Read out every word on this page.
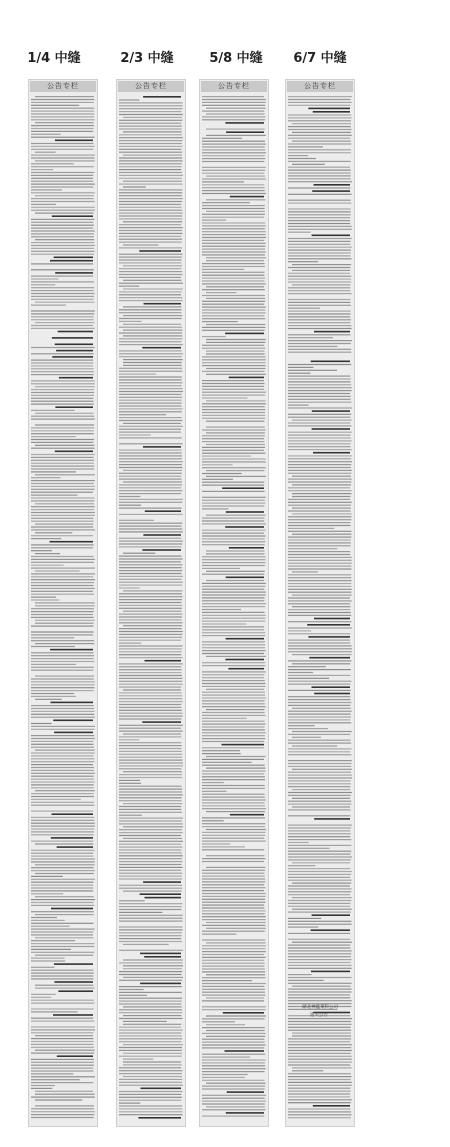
1/4 中缝	2/3 中缝	5/8 中缝	6/7 中缝
公告专栏	公告专栏	公告专栏	公告专栏
湖北神蕴菜科公司
遗失公告
